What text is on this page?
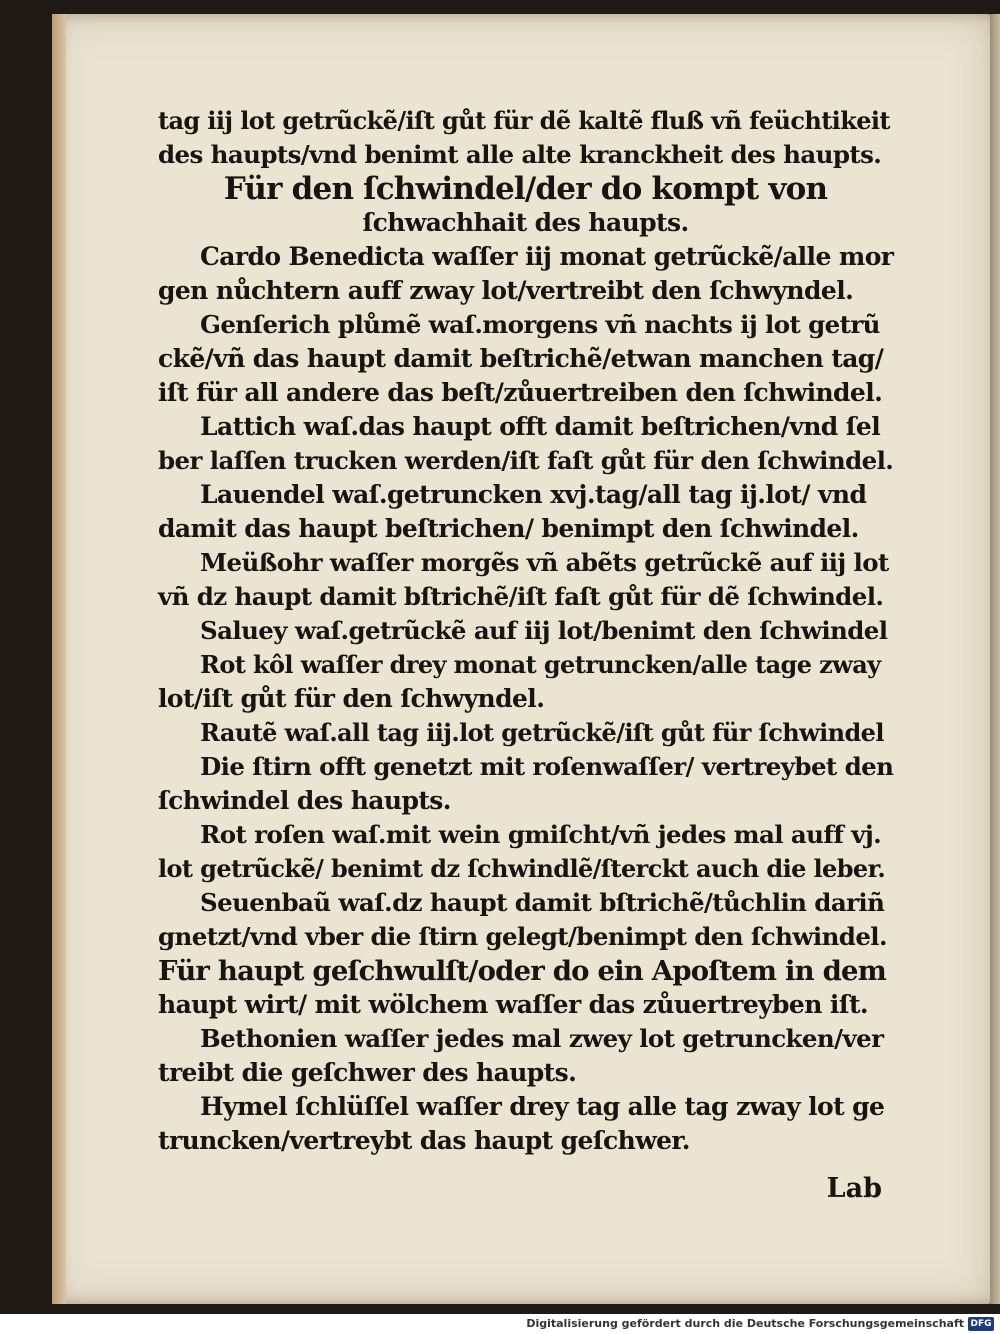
tag iij lot getrũckẽ/iſt gůt für dẽ kaltẽ fluß vñ feüchtikeit
des haupts/vnd benimt alle alte kranckheit des haupts.
Für den ſchwindel/der do kompt von
ſchwachhait des haupts.
Cardo Benedicta waſſer iij monat getrũckẽ/alle mor
gen nůchtern auff zway lot/vertreibt den ſchwyndel.
Genſerich plůmẽ waſ.morgens vñ nachts ij lot getrũ
ckẽ/vñ das haupt damit beſtrichẽ/etwan manchen tag/
iſt für all andere das beſt/zůuertreiben den ſchwindel.
Lattich waſ.das haupt offt damit beſtrichen/vnd ſel
ber laſſen trucken werden/iſt faſt gůt für den ſchwindel.
Lauendel waſ.getruncken xvj.tag/all tag ij.lot/ vnd
damit das haupt beſtrichen/ benimpt den ſchwindel.
Meüßohr waſſer morgẽs vñ abẽts getrũckẽ auf iij lot
vñ dz haupt damit bſtrichẽ/iſt faſt gůt für dẽ ſchwindel.
Saluey waſ.getrũckẽ auf iij lot/benimt den ſchwindel
Rot kôl waſſer drey monat getruncken/alle tage zway
lot/iſt gůt für den ſchwyndel.
Rautẽ waſ.all tag iij.lot getrũckẽ/iſt gůt für ſchwindel
Die ſtirn offt genetzt mit roſenwaſſer/ vertreybet den
ſchwindel des haupts.
Rot roſen waſ.mit wein gmiſcht/vñ jedes mal auff vj.
lot getrũckẽ/ benimt dz ſchwindlẽ/ſterckt auch die leber.
Seuenbaũ waſ.dz haupt damit bſtrichẽ/tůchlin dariñ
gnetzt/vnd vber die ſtirn gelegt/benimpt den ſchwindel.
Für haupt geſchwulſt/oder do ein Apoſtem in dem
haupt wirt/ mit wölchem waſſer das zůuertreyben iſt.
Bethonien waſſer jedes mal zwey lot getruncken/ver
treibt die geſchwer des haupts.
Hymel ſchlüſſel waſſer drey tag alle tag zway lot ge
truncken/vertreybt das haupt geſchwer.
Lab
Digitalisierung gefördert durch die Deutsche Forschungsgemeinschaft DFG
